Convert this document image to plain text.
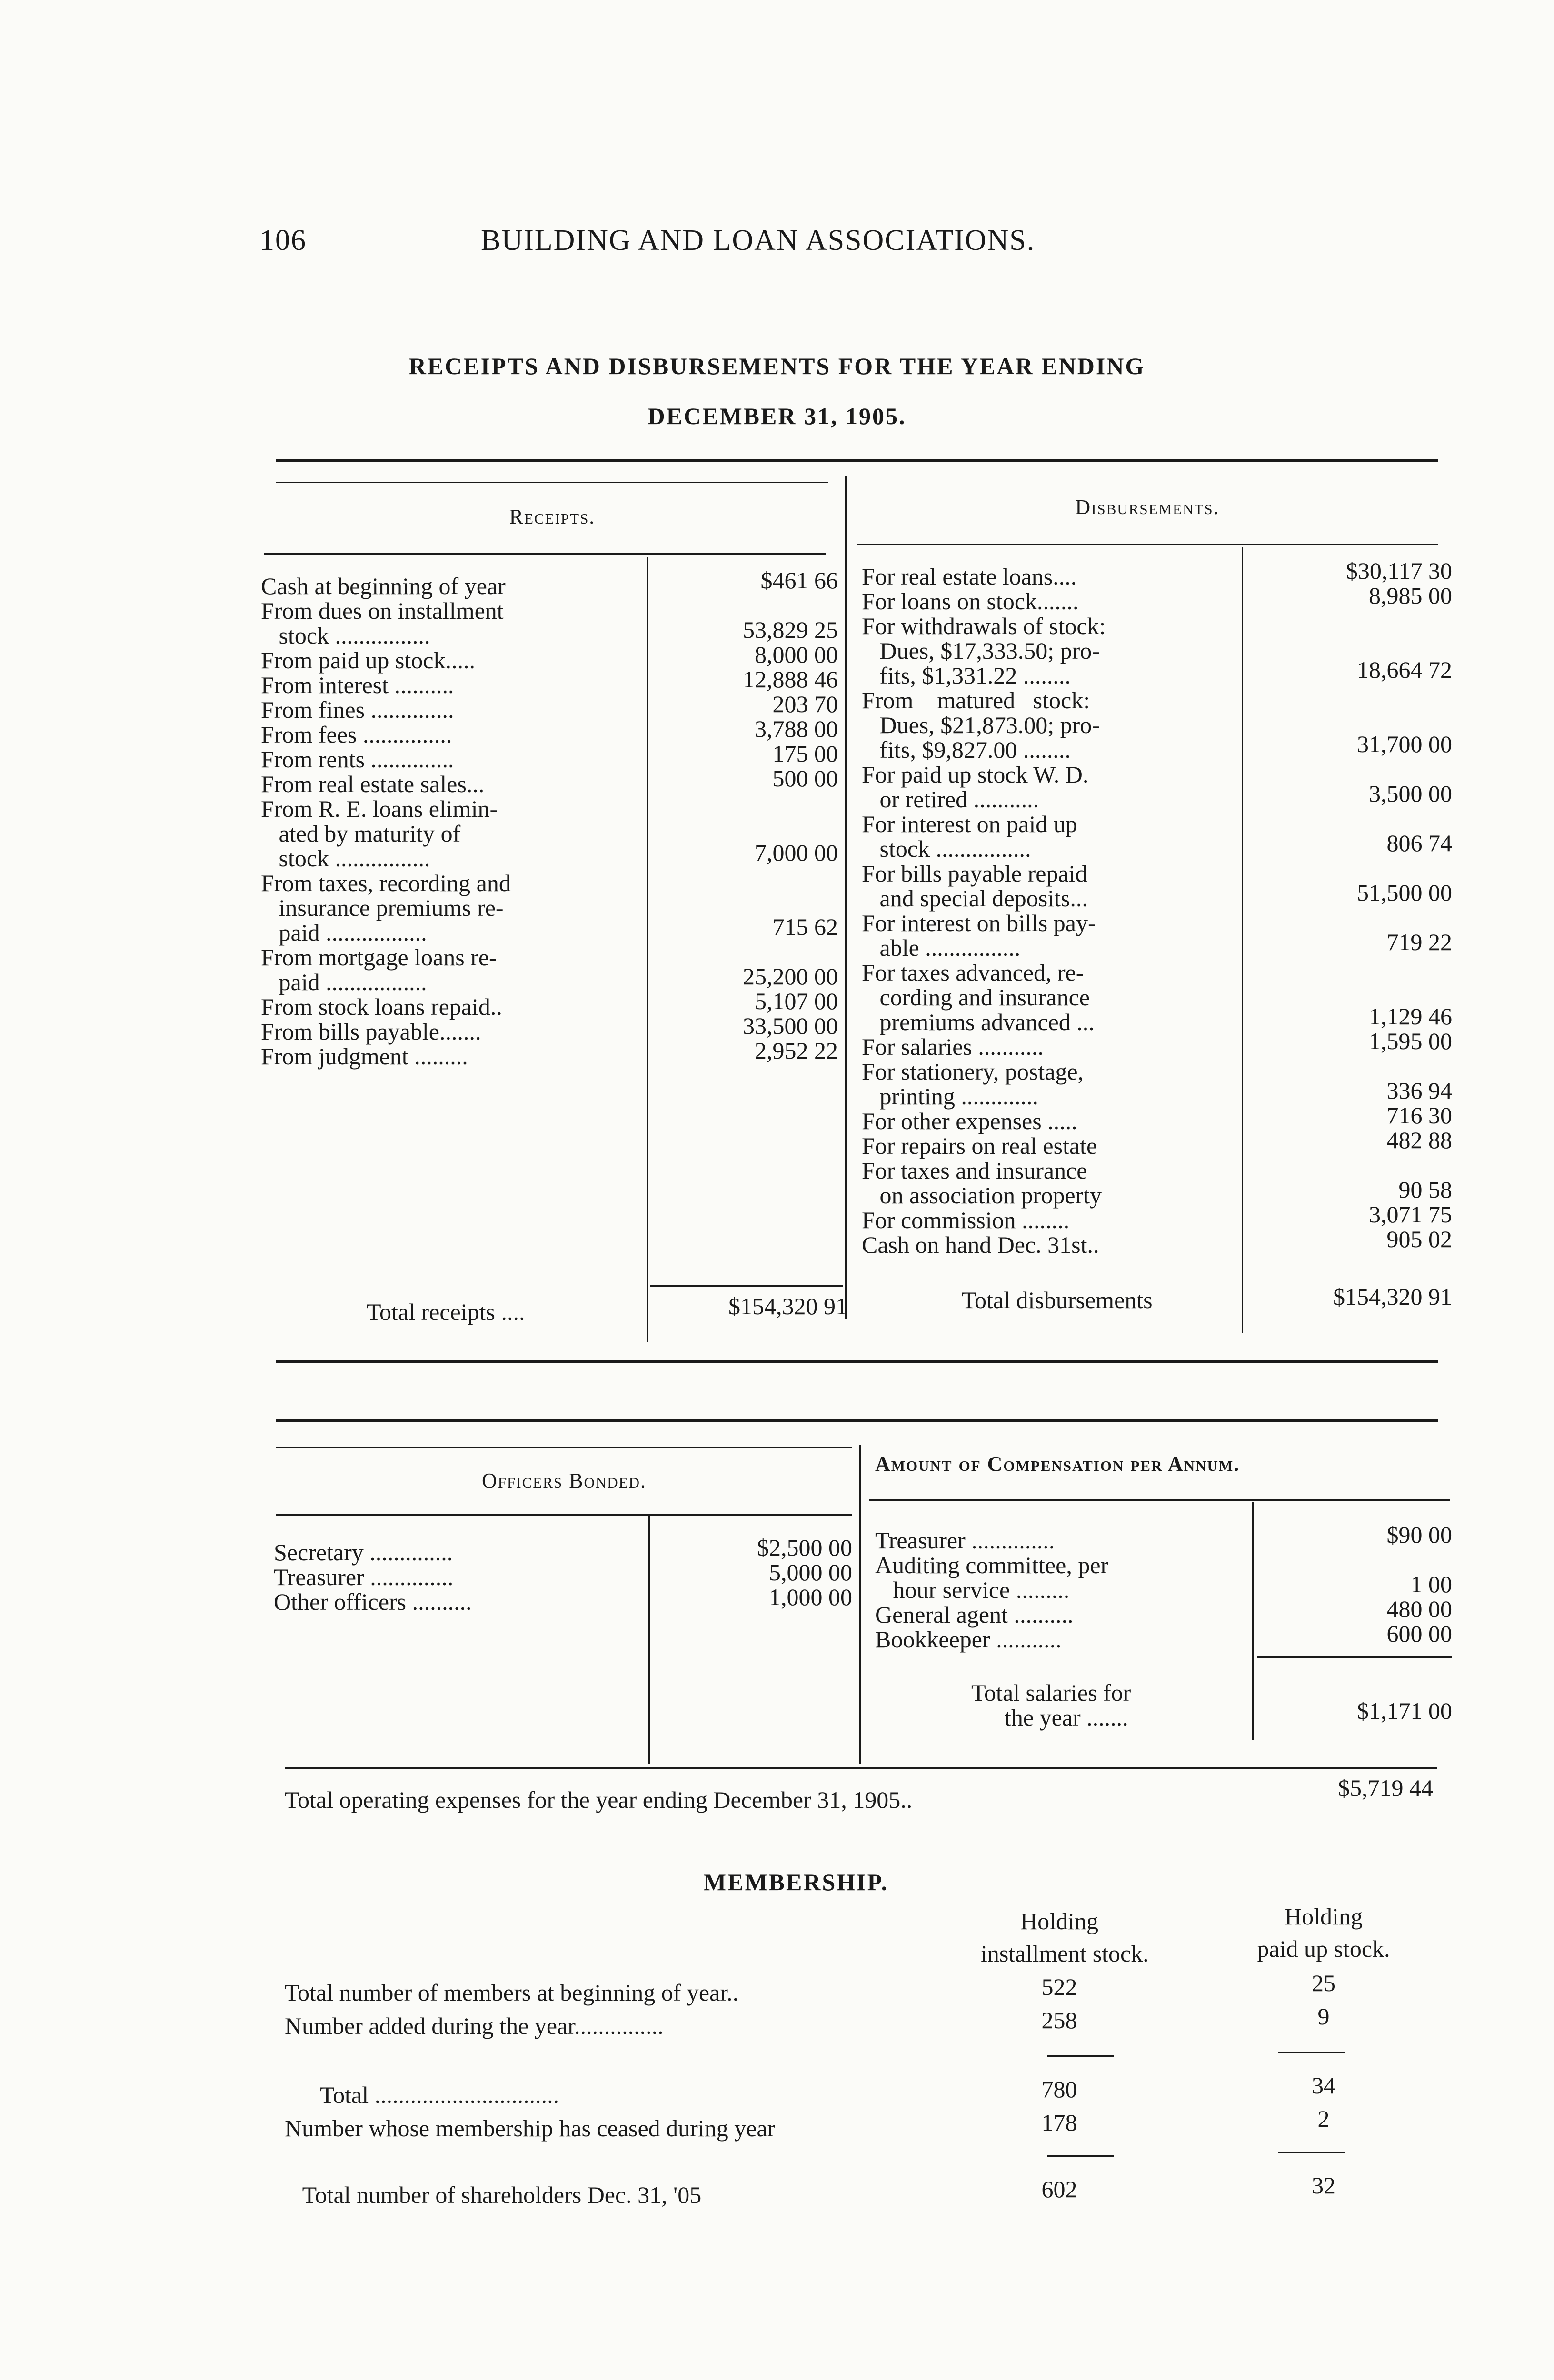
106	BUILDING AND LOAN ASSOCIATIONS.
RECEIPTS AND DISBURSEMENTS FOR THE YEAR ENDING
DECEMBER 31, 1905.
Receipts.	Disbursements.
Cash at beginning of year	$461 66
From dues on installment
stock ................	53,829 25
From paid up stock.....	8,000 00
From interest ..........	12,888 46
From fines ..............	203 70
From fees ...............	3,788 00
From rents ..............	175 00
From real estate sales...	500 00
From R. E. loans elimin-
ated by maturity of
stock ................	7,000 00
From taxes, recording and
insurance premiums re-
paid .................	715 62
From mortgage loans re-
paid .................	25,200 00
From stock loans repaid..	5,107 00
From bills payable.......	33,500 00
From judgment .........	2,952 22
For real estate loans....	$30,117 30
For loans on stock.......	8,985 00
For withdrawals of stock:
Dues, $17,333.50; pro-
fits, $1,331.22 ........	18,664 72
From    matured   stock:
Dues, $21,873.00; pro-
fits, $9,827.00 ........	31,700 00
For paid up stock W. D.
or retired ...........	3,500 00
For interest on paid up
stock ................	806 74
For bills payable repaid
and special deposits...	51,500 00
For interest on bills pay-
able ................	719 22
For taxes advanced, re-
cording and insurance
premiums advanced ...	1,129 46
For salaries ...........	1,595 00
For stationery, postage,
printing .............	336 94
For other expenses .....	716 30
For repairs on real estate	482 88
For taxes and insurance
on association property	90 58
For commission ........	3,071 75
Cash on hand Dec. 31st..	905 02
Total receipts ....	$154,320 91	Total disbursements	$154,320 91
Officers Bonded.
Amount of Compensation per Annum.
Secretary ..............	$2,500 00
Treasurer ..............	5,000 00
Other officers ..........	1,000 00
Treasurer ..............	$90 00
Auditing committee, per
hour service .........	1 00
General agent ..........	480 00
Bookkeeper ...........	600 00
Total salaries for
the year .......	$1,171 00
Total operating expenses for the year ending December 31, 1905..	$5,719 44
MEMBERSHIP.
Holding
installment stock.
Holding
paid up stock.
Total number of members at beginning of year..	522	25
Number added during the year...............	258	9
Total ...............................	780	34
Number whose membership has ceased during year	178	2
Total number of shareholders Dec. 31, '05	602	32
